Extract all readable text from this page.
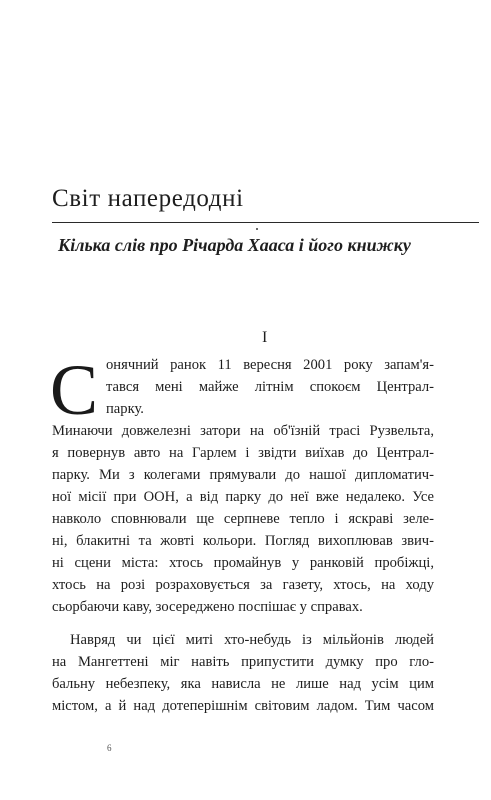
Світ напередодні
Кілька слів про Річарда Хааса і його книжку
I
С онячний ранок 11 вересня 2001 року запам'я-
тався мені майже літнім спокоєм Централ-
парку.
Минаючи довжелезні затори на об'їзній трасі Рузвельта,
я повернув авто на Гарлем і звідти виїхав до Централ-
парку. Ми з колегами прямували до нашої дипломатич-
ної місії при ООН, а від парку до неї вже недалеко. Усе
навколо сповнювали ще серпневе тепло і яскраві зеле-
ні, блакитні та жовті кольори. Погляд вихоплював звич-
ні сцени міста: хтось промайнув у ранковій пробіжці,
хтось на розі розраховується за газету, хтось, на ходу
сьорбаючи каву, зосереджено поспішає у справах.
Навряд чи цієї миті хто-небудь із мільйонів людей
на Мангеттені міг навіть припустити думку про гло-
бальну небезпеку, яка нависла не лише над усім цим
містом, а й над дотеперішнім світовим ладом. Тим часом
6
